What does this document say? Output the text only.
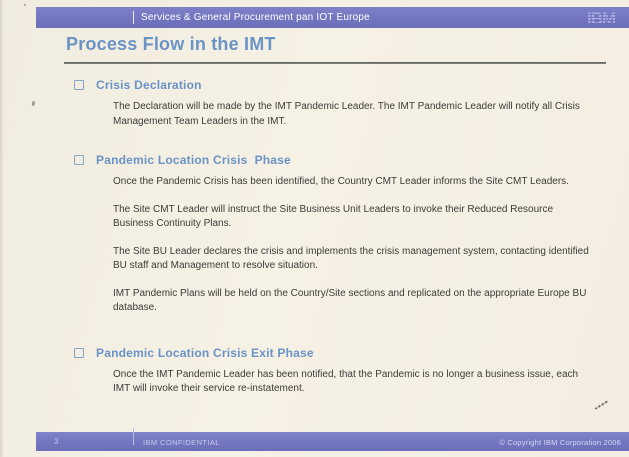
Services & General Procurement pan IOT Europe	IBM
Process Flow in the IMT
Crisis Declaration

The Declaration will be made by the IMT Pandemic Leader. The IMT Pandemic Leader will notify all Crisis Management Team Leaders in the IMT.

Pandemic Location Crisis  Phase

Once the Pandemic Crisis has been identified, the Country CMT Leader informs the Site CMT Leaders.

The Site CMT Leader will instruct the Site Business Unit Leaders to invoke their Reduced Resource Business Continuity Plans.

The Site BU Leader declares the crisis and implements the crisis management system, contacting identified BU staff and Management to resolve situation.

IMT Pandemic Plans will be held on the Country/Site sections and replicated on the appropriate Europe BU database.

Pandemic Location Crisis Exit Phase

Once the IMT Pandemic Leader has been notified, that the Pandemic is no longer a business issue, each IMT will invoke their service re-instatement.

3	IBM CONFIDENTIAL	© Copyright IBM Corporation 2006
